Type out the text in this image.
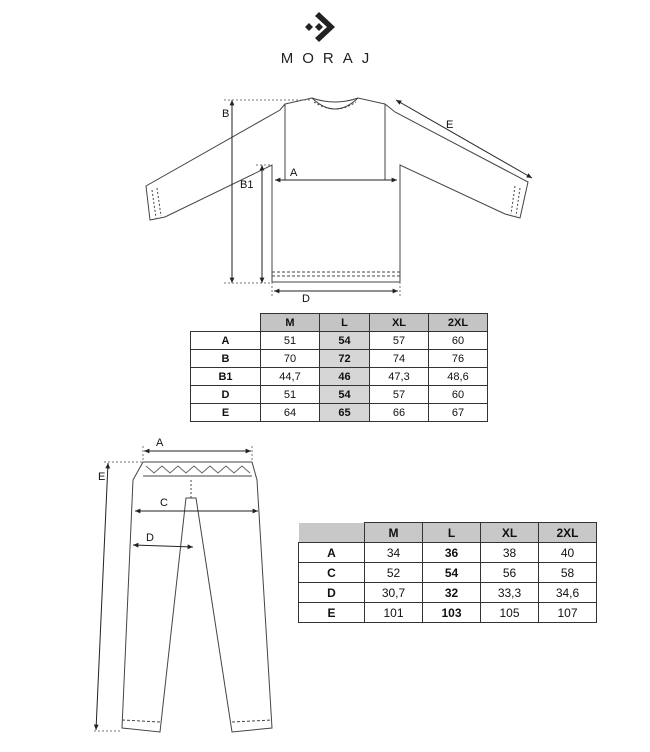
MORAJ
B
B1
A
D
E
A
C
D
E
	M	L	XL	2XL
A	51	54	57	60
B	70	72	74	76
B1	44,7	46	47,3	48,6
D	51	54	57	60
E	64	65	66	67
	M	L	XL	2XL
A	34	36	38	40
C	52	54	56	58
D	30,7	32	33,3	34,6
E	101	103	105	107
